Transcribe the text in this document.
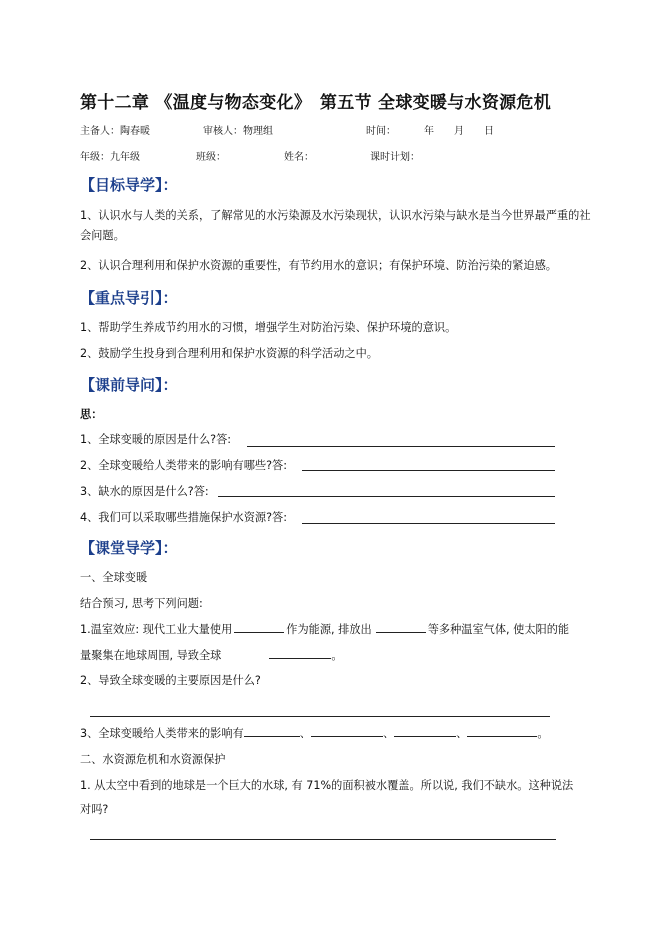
第十二章 《温度与物态变化》　第五节 全球变暖与水资源危机
主备人：陶春暖	审核人：物理组	时间：	年 月 日
年级：九年级	班级：	姓名：	课时计划：
【目标导学】：
1、认识水与人类的关系，了解常见的水污染源及水污染现状，认识水污染与缺水是当今世界最严重的社会问题。
2、认识合理利用和保护水资源的重要性，有节约用水的意识；有保护环境、防治污染的紧迫感。
【重点导引】：
1、帮助学生养成节约用水的习惯，增强学生对防治污染、保护环境的意识。
2、鼓励学生投身到合理利用和保护水资源的科学活动之中。
【课前导问】：
思：
1、全球变暖的原因是什么?答:
2、全球变暖给人类带来的影响有哪些?答:
3、缺水的原因是什么?答:
4、我们可以采取哪些措施保护水资源?答:
【课堂导学】：
一、全球变暖
结合预习, 思考下列问题:
1.温室效应: 现代工业大量使用	作为能源, 排放出	等多种温室气体, 使太阳的能
量聚集在地球周围, 导致全球	。
2、导致全球变暖的主要原因是什么?
3、全球变暖给人类带来的影响有	、	、	、	。
二、水资源危机和水资源保护
1. 从太空中看到的地球是一个巨大的水球, 有 71%的面积被水覆盖。所以说, 我们不缺水。这种说法
对吗?
